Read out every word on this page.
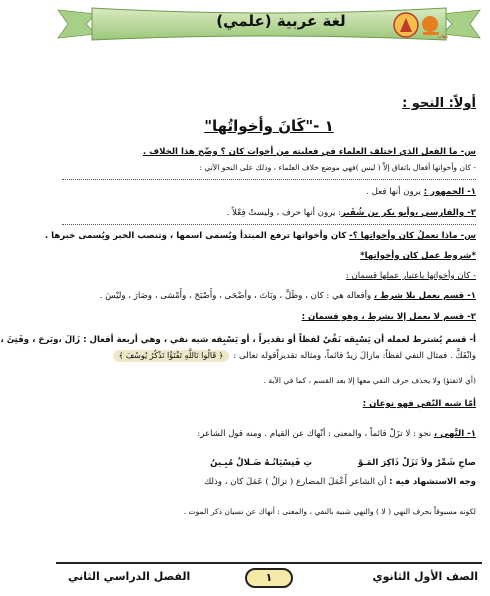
لغة عربية (علمي)
ذهاب
أولاً: النحو :
١ -"كَانَ وأخواتُها"
س- ما الفعل الذي اختلف العلماء في فعليته من أخوات كان ؟ وضّح هذا الخلاف .
- كان وأخواتها أفعال باتفاق إلاَّ ( ليس )فهي موضع خلاف العلماء ، وذلك على النحو الآتي :
١- الجمهور : يرون أنها فعل .
٢- والفارسي ،وأبو بكر بن شُقَير: يرون أنها حرف ، وليستْ فِعْلاً .
س- ماذا تعملُ كان وأخواتها ؟- كان وأخواتها ترفع المبتدأ ويُسمى اسمها ، وتنصب الخبر ويُسمى خبرها .
*شروط عمل كان وأخواتها*
- كان وأخواتها باعتبار عملها قسمان :
١- قسم يعمل بلا شرط ، وأفعاله هي : كان ، وظَلَّ ، وبَاتَ ، وأضْحَى ، وأَصْبَحَ ، وأَمْسَى ، وصَارَ ، وليْسَ .
٢- قسم لا يعمل إلا بشرط ، وهو قسمان :
أ- قسم يُشترط لعمله أن يَسْبِقه نَفْيٌ لفظاً أو تقديراً ، أو يَسْبِقه شبه نفي ، وهي أربعة أفعال : زَالَ ،وبَرحَ ، وفَتِئَ ،
وانْفَكَّ . فمثال النفي لفظاً: مازالَ زيدٌ قائماً، ومثاله تقديراًقوله تعالى :﴿ قَالُوا تَاللَّهِ تَفْتَؤُا تَذْكُرُ يُوسُفَ ﴾
(أي لاتفتؤ) ولا يحذف حرف النفي معها إلا بعد القسم ، كما في الآية .
أمّا شبه النّفي فهو نوعان :
١- النَّهي ، نحو : لا تزَلْ قائماً ، والمعنى : أنْهاك عن القيام . ومنه قول الشاعر:
صاحِ شَمِّرْ ولاَ تَزَلْ ذَاكِرَ المَـوْ  تِ فَنِسْيَانُـهُ ضَـلالٌ مُبِـينُ
وجه الاستشهاد فيه : أن الشاعر أَعْمَلَ المضارع ( تزالُ ) عَمَلَ كان ، وذلك
لكونه مسبوقاً بحرف النهي ( لا ) والنهي شبيه بالنفي ، والمعنى : أنهاك عن نسيان ذكر الموت .
الصف الأول الثانوي
١
الفصل الدراسي الثاني
